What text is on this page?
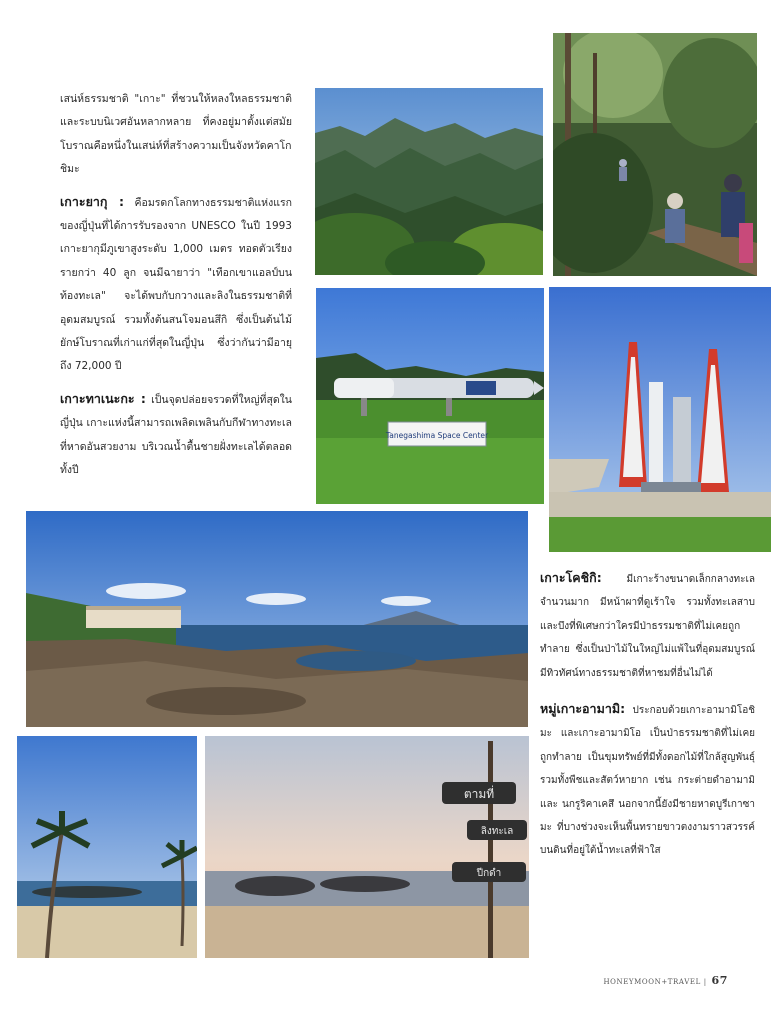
เสน่ห์ธรรมชาติ "เกาะ" ที่ชวนให้หลงใหลธรรมชาติและระบบนิเวศอันหลากหลาย ที่คงอยู่มาตั้งแต่สมัยโบราณคือหนึ่งในเสน่ห์ที่สร้างความเป็นจังหวัดคาโกชิมะ

เกาะยากุ : คือมรดกโลกทางธรรมชาติแห่งแรกของญี่ปุ่นที่ได้การรับรองจาก UNESCO ในปี 1993 เกาะยากุมีภูเขาสูงระดับ 1,000 เมตร ทอดตัวเรียงรายกว่า 40 ลูก จนมีฉายาว่า "เทือกเขาแอลป์บนท้องทะเล" จะได้พบกับกวางและลิงในธรรมชาติที่อุดมสมบูรณ์ รวมทั้งต้นสนโจมอนสึกิ ซึ่งเป็นต้นไม้ยักษ์โบราณที่เก่าแก่ที่สุดในญี่ปุ่น ซึ่งว่ากันว่ามีอายุถึง 72,000 ปี

เกาะทาเนะกะ : เป็นจุดปล่อยจรวดที่ใหญ่ที่สุดในญี่ปุ่น เกาะแห่งนี้สามารถเพลิดเพลินกับกีฬาทางทะเลที่หาดอันสวยงาม บริเวณน้ำตื้นชายฝั่งทะเลได้ตลอดทั้งปี

Tanegashima Space Center

เกาะโคชิกิ: มีเกาะร้างขนาดเล็กกลางทะเลจำนวนมาก มีหน้าผาที่ดูเร้าใจ รวมทั้งทะเลสาบและบึงที่พิเศษกว่าใครมีป่าธรรมชาติที่ไม่เคยถูกทำลาย ซึ่งเป็นป่าไม้ในใหญ่ไม่แพ้ในที่อุดมสมบูรณ์ มีทิวทัศน์ทางธรรมชาติที่หาชมที่อื่นไม่ได้

หมู่เกาะอามามิ: ประกอบด้วยเกาะอามามิโอชิมะ และเกาะอามามิโอ เป็นป่าธรรมชาติที่ไม่เคยถูกทำลาย เป็นขุมทรัพย์ที่มีทั้งดอกไม้ที่ใกล้สูญพันธุ์ รวมทั้งพืชและสัตว์หายาก เช่น กระต่ายดำอามามิ และ นกรูริคาเคสึ นอกจากนี้ยังมีชายหาดบูรีเกาซามะ ที่บางช่วงจะเห็นพื้นทรายขาวตงงามราวสวรรค์บนดินที่อยู่ใต้น้ำทะเลที่ฟ้าใส

ตามที่
ลิงทะเล
ปีกดำ
HONEYMOON+TRAVEL | 67
